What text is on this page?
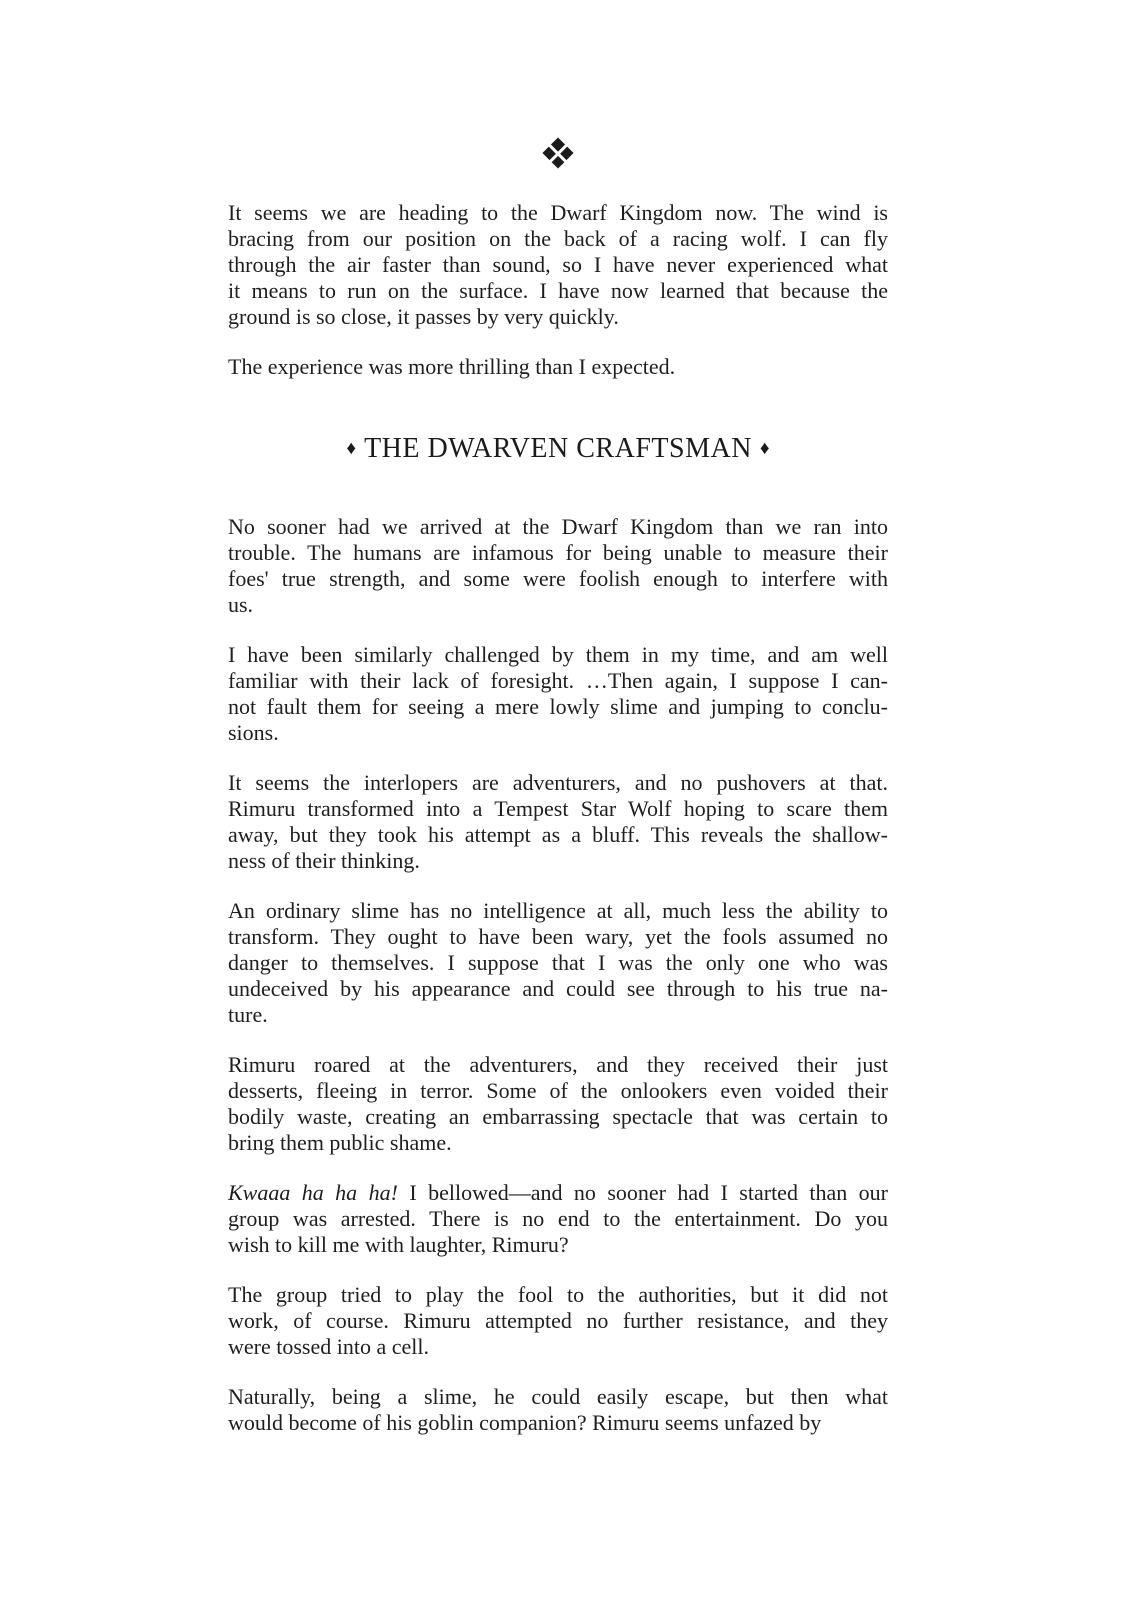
It seems we are heading to the Dwarf Kingdom now. The wind is
bracing from our position on the back of a racing wolf. I can fly
through the air faster than sound, so I have never experienced what
it means to run on the surface. I have now learned that because the
ground is so close, it passes by very quickly.
The experience was more thrilling than I expected.
♦ THE DWARVEN CRAFTSMAN ♦
No sooner had we arrived at the Dwarf Kingdom than we ran into
trouble. The humans are infamous for being unable to measure their
foes' true strength, and some were foolish enough to interfere with
us.
I have been similarly challenged by them in my time, and am well
familiar with their lack of foresight. …Then again, I suppose I can-
not fault them for seeing a mere lowly slime and jumping to conclu-
sions.
It seems the interlopers are adventurers, and no pushovers at that.
Rimuru transformed into a Tempest Star Wolf hoping to scare them
away, but they took his attempt as a bluff. This reveals the shallow-
ness of their thinking.
An ordinary slime has no intelligence at all, much less the ability to
transform. They ought to have been wary, yet the fools assumed no
danger to themselves. I suppose that I was the only one who was
undeceived by his appearance and could see through to his true na-
ture.
Rimuru roared at the adventurers, and they received their just
desserts, fleeing in terror. Some of the onlookers even voided their
bodily waste, creating an embarrassing spectacle that was certain to
bring them public shame.
Kwaaa ha ha ha! I bellowed—and no sooner had I started than our
group was arrested. There is no end to the entertainment. Do you
wish to kill me with laughter, Rimuru?
The group tried to play the fool to the authorities, but it did not
work, of course. Rimuru attempted no further resistance, and they
were tossed into a cell.
Naturally, being a slime, he could easily escape, but then what
would become of his goblin companion? Rimuru seems unfazed by
